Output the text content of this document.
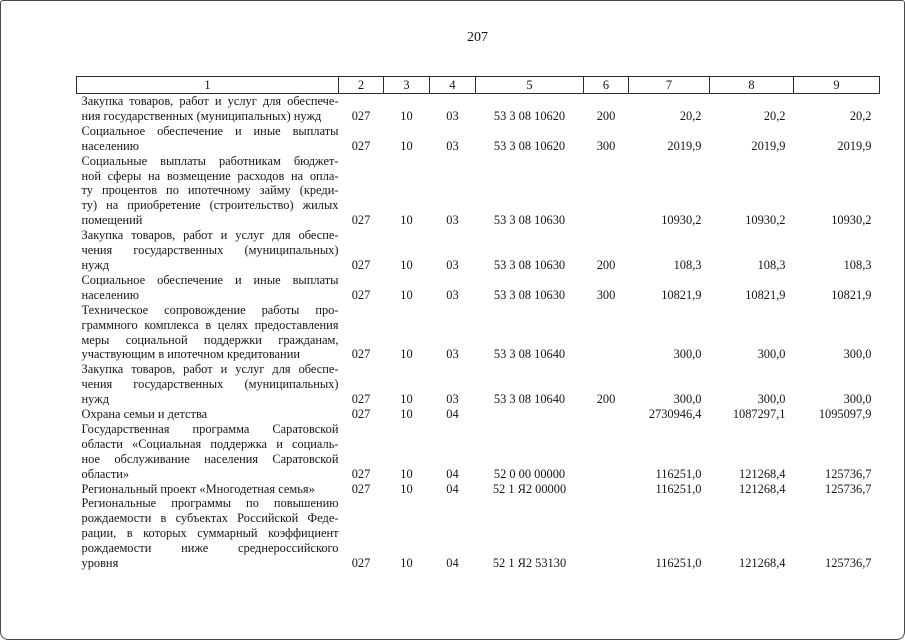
207
1	2	3	4	5	6	7	8	9

Закупка товаров, работ и услуг для обеспече-
ния государственных (муниципальных) нужд	027	10	03	53 3 08 10620	200	20,2	20,2	20,2

Социальное обеспечение и иные выплаты
населению	027	10	03	53 3 08 10620	300	2019,9	2019,9	2019,9

Социальные выплаты работникам бюджет-
ной сферы на возмещение расходов на опла-
ту процентов по ипотечному займу (креди-
ту) на приобретение (строительство) жилых
помещений	027	10	03	53 3 08 10630		10930,2	10930,2	10930,2

Закупка товаров, работ и услуг для обеспе-
чения государственных (муниципальных)
нужд	027	10	03	53 3 08 10630	200	108,3	108,3	108,3

Социальное обеспечение и иные выплаты
населению	027	10	03	53 3 08 10630	300	10821,9	10821,9	10821,9

Техническое сопровождение работы про-
граммного комплекса в целях предоставления
меры социальной поддержки гражданам,
участвующим в ипотечном кредитовании	027	10	03	53 3 08 10640		300,0	300,0	300,0

Закупка товаров, работ и услуг для обеспе-
чения государственных (муниципальных)
нужд	027	10	03	53 3 08 10640	200	300,0	300,0	300,0

Охрана семьи и детства	027	10	04			2730946,4	1087297,1	1095097,9

Государственная программа Саратовской
области «Социальная поддержка и социаль-
ное обслуживание населения Саратовской
области»	027	10	04	52 0 00 00000		116251,0	121268,4	125736,7

Региональный проект «Многодетная семья»	027	10	04	52 1 Я2 00000		116251,0	121268,4	125736,7

Региональные программы по повышению
рождаемости в субъектах Российской Феде-
рации, в которых суммарный коэффициент
рождаемости ниже среднероссийского
уровня	027	10	04	52 1 Я2 53130		116251,0	121268,4	125736,7
